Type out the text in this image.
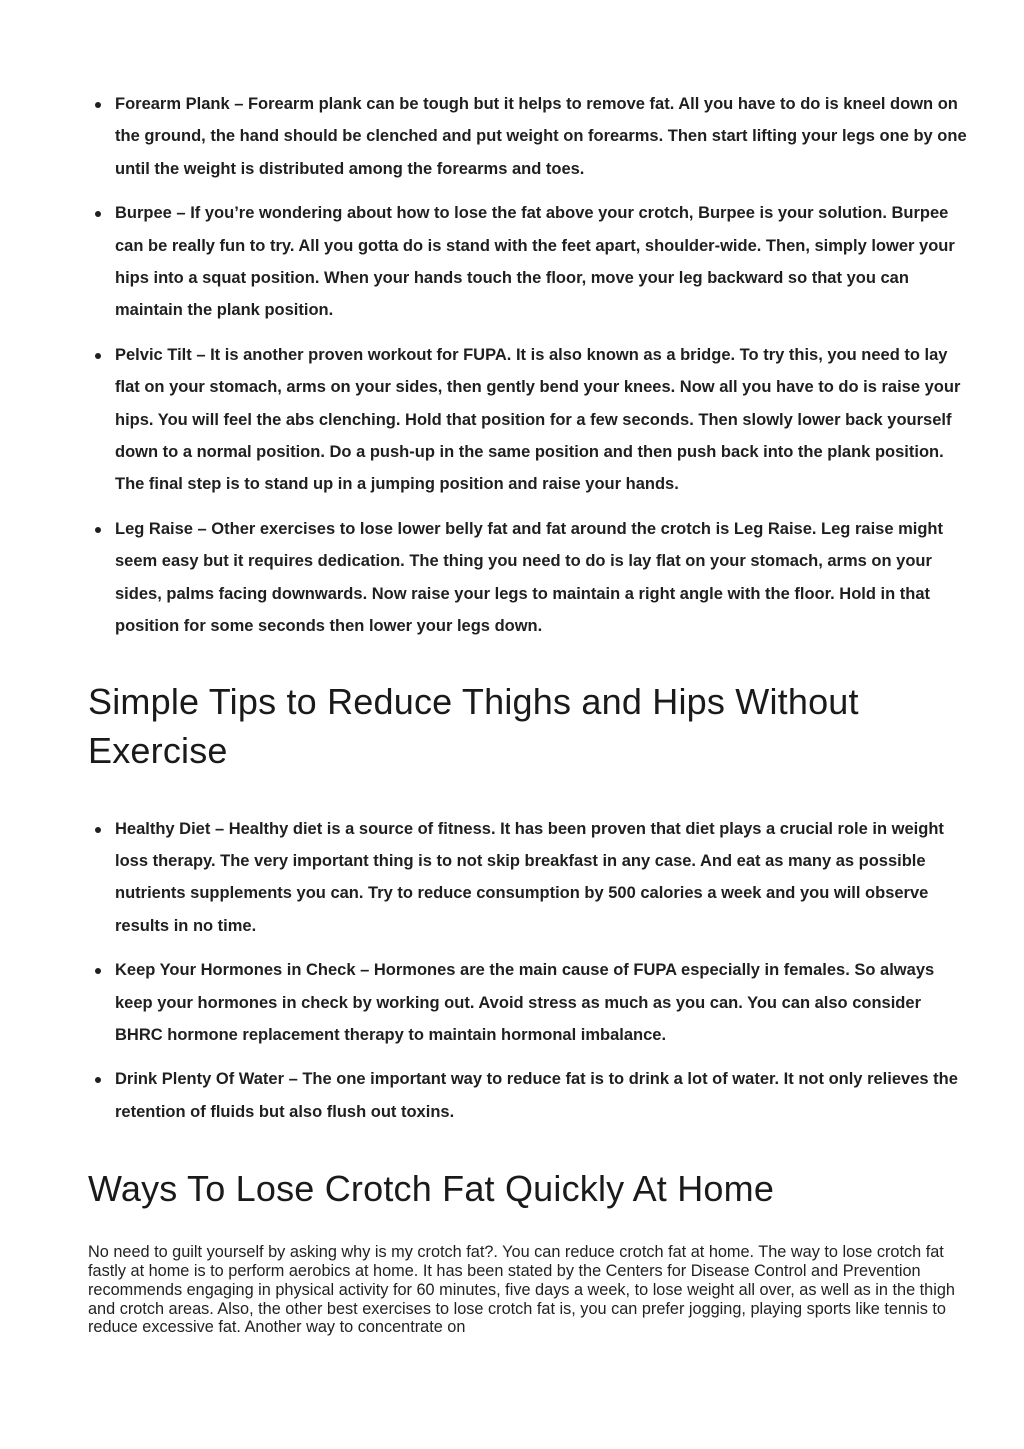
Forearm Plank – Forearm plank can be tough but it helps to remove fat. All you have to do is kneel down on the ground, the hand should be clenched and put weight on forearms. Then start lifting your legs one by one until the weight is distributed among the forearms and toes.
Burpee – If you’re wondering about how to lose the fat above your crotch, Burpee is your solution. Burpee can be really fun to try. All you gotta do is stand with the feet apart, shoulder-wide. Then, simply lower your hips into a squat position. When your hands touch the floor, move your leg backward so that you can maintain the plank position.
Pelvic Tilt – It is another proven workout for FUPA. It is also known as a bridge. To try this, you need to lay flat on your stomach, arms on your sides, then gently bend your knees. Now all you have to do is raise your hips. You will feel the abs clenching. Hold that position for a few seconds. Then slowly lower back yourself down to a normal position. Do a push-up in the same position and then push back into the plank position. The final step is to stand up in a jumping position and raise your hands.
Leg Raise – Other exercises to lose lower belly fat and fat around the crotch is Leg Raise. Leg raise might seem easy but it requires dedication. The thing you need to do is lay flat on your stomach, arms on your sides, palms facing downwards. Now raise your legs to maintain a right angle with the floor. Hold in that position for some seconds then lower your legs down.
Simple Tips to Reduce Thighs and Hips Without Exercise
Healthy Diet – Healthy diet is a source of fitness. It has been proven that diet plays a crucial role in weight loss therapy. The very important thing is to not skip breakfast in any case. And eat as many as possible nutrients supplements you can. Try to reduce consumption by 500 calories a week and you will observe results in no time.
Keep Your Hormones in Check – Hormones are the main cause of FUPA especially in females. So always keep your hormones in check by working out. Avoid stress as much as you can. You can also consider BHRC hormone replacement therapy to maintain hormonal imbalance.
Drink Plenty Of Water – The one important way to reduce fat is to drink a lot of water. It not only relieves the retention of fluids but also flush out toxins.
Ways To Lose Crotch Fat Quickly At Home

No need to guilt yourself by asking why is my crotch fat?. You can reduce crotch fat at home. The way to lose crotch fat fastly at home is to perform aerobics at home. It has been stated by the Centers for Disease Control and Prevention recommends engaging in physical activity for 60 minutes, five days a week, to lose weight all over, as well as in the thigh and crotch areas. Also, the other best exercises to lose crotch fat is, you can prefer jogging, playing sports like tennis to reduce excessive fat. Another way to concentrate on
